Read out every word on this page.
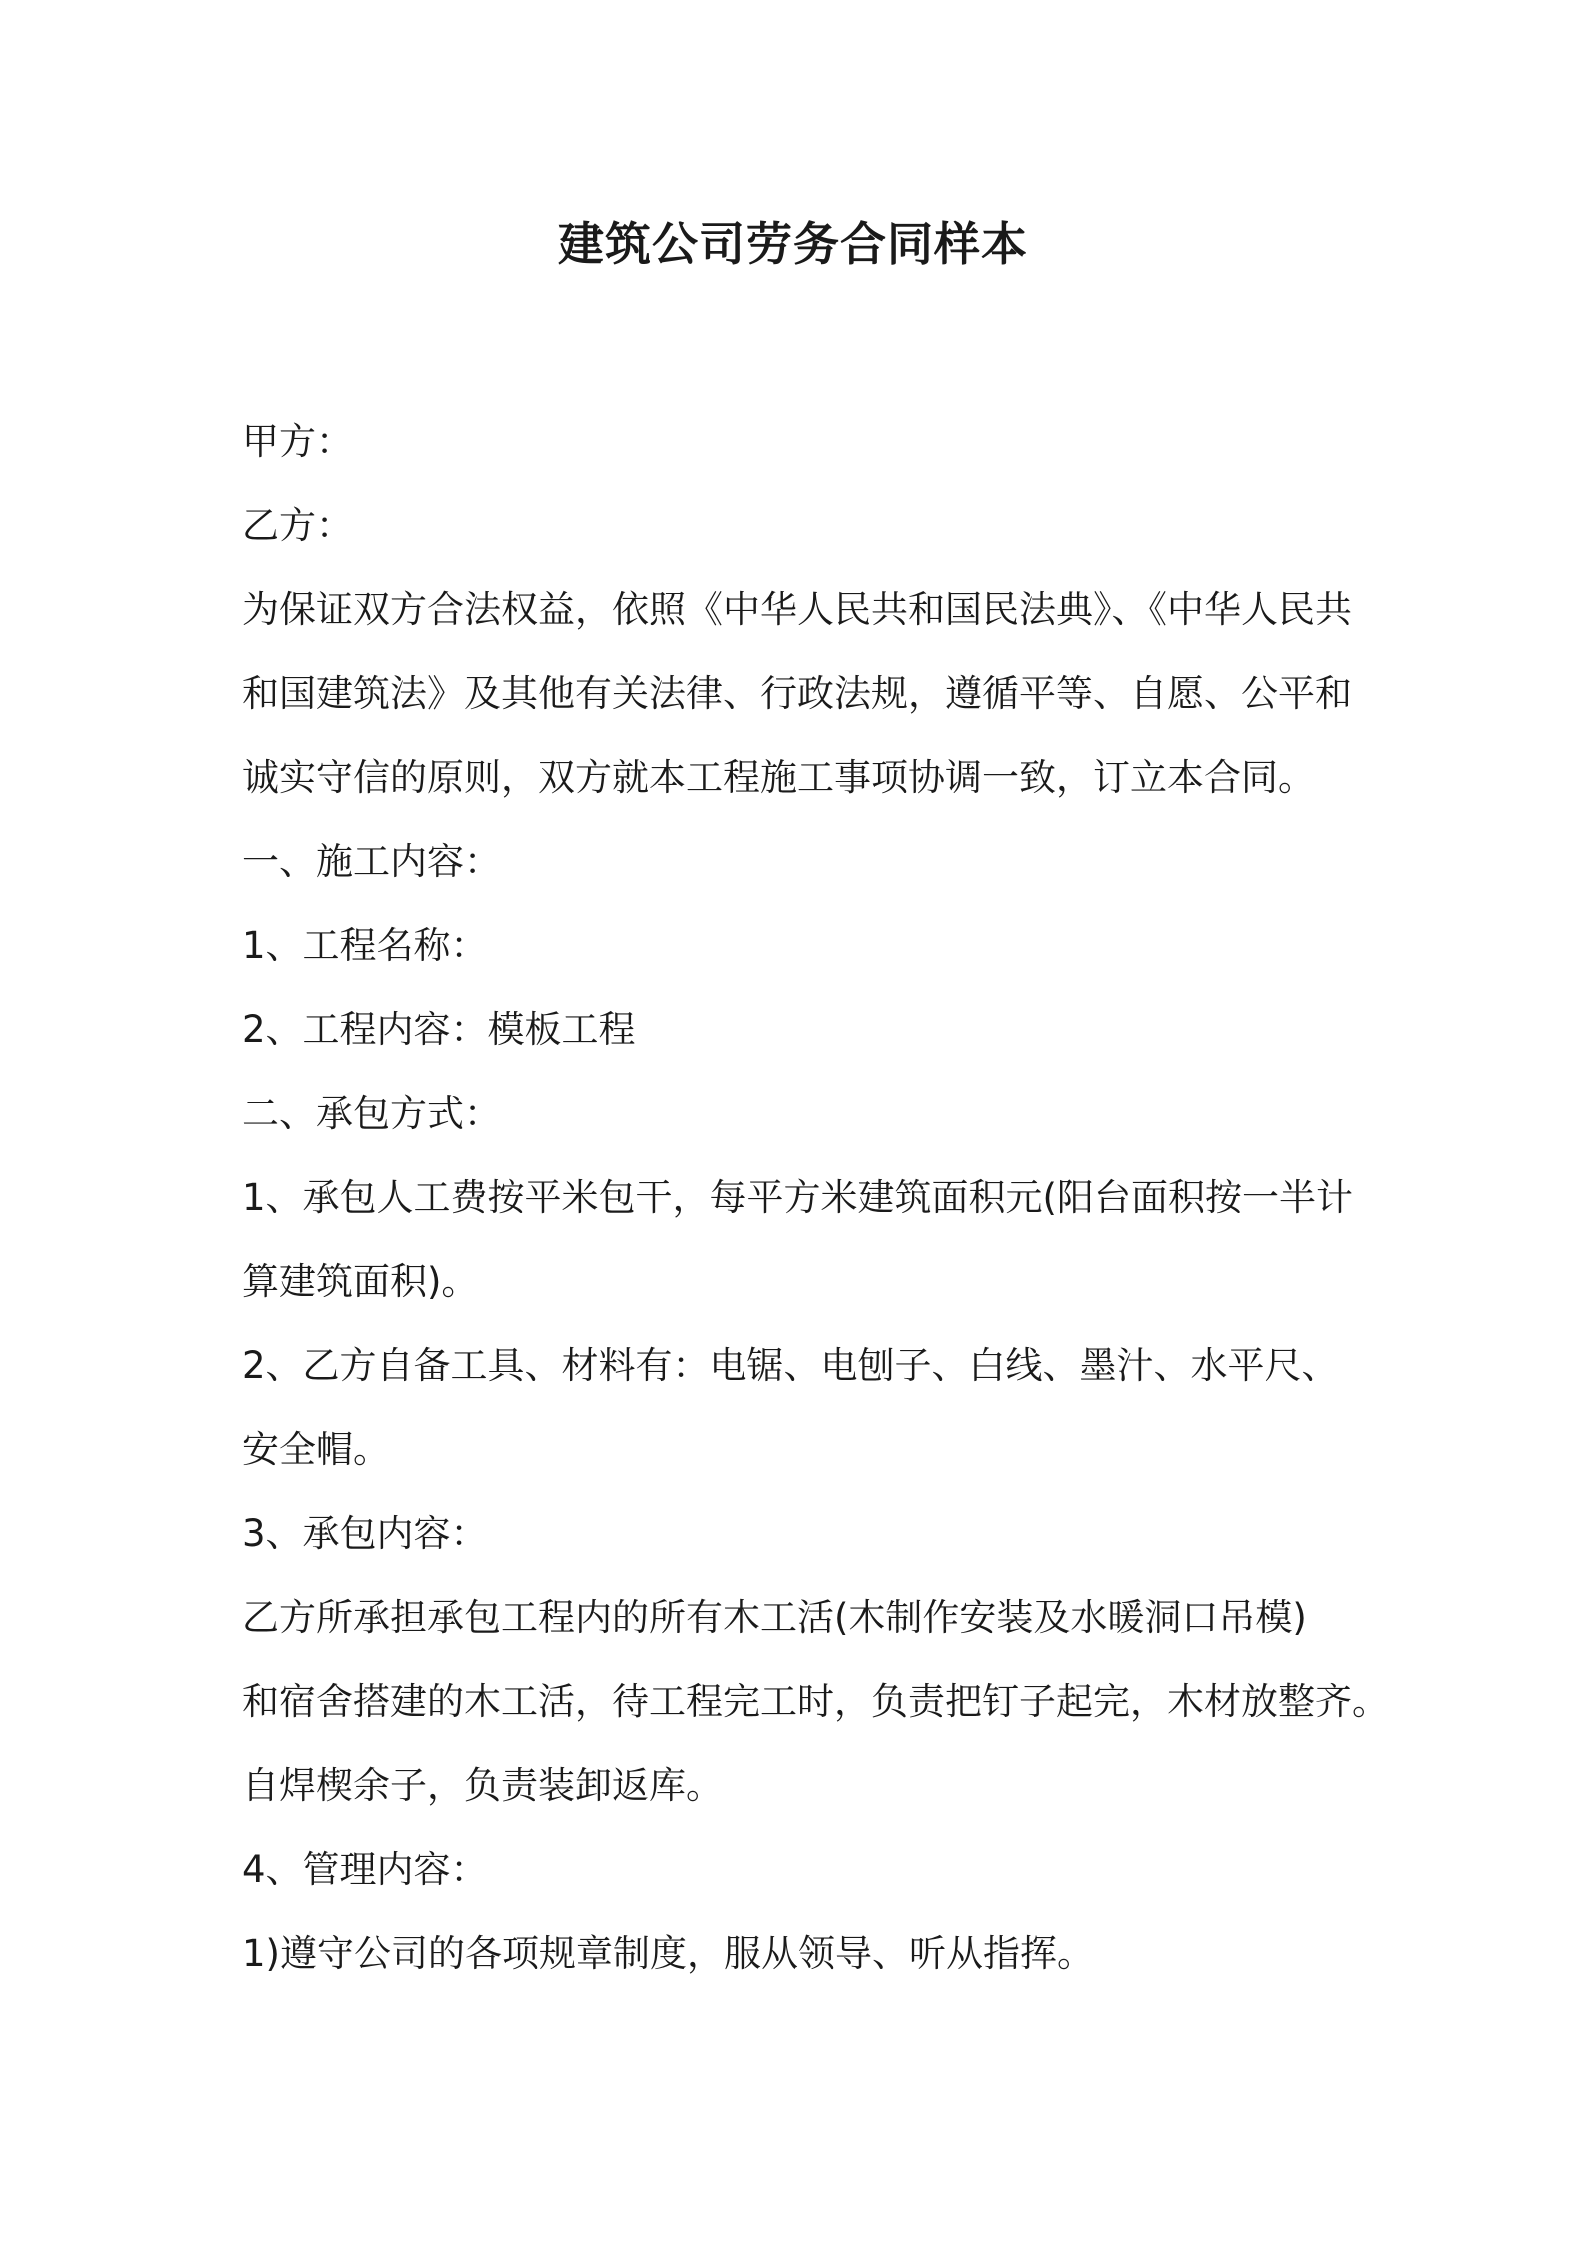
建筑公司劳务合同样本

甲方：

乙方：

为保证双方合法权益，依照《中华人民共和国民法典》、《中华人民共

和国建筑法》及其他有关法律、行政法规，遵循平等、自愿、公平和

诚实守信的原则，双方就本工程施工事项协调一致，订立本合同。

一、施工内容：

1、工程名称：

2、工程内容：模板工程

二、承包方式：

1、承包人工费按平米包干，每平方米建筑面积元(阳台面积按一半计

算建筑面积)。

2、乙方自备工具、材料有：电锯、电刨子、白线、墨汁、水平尺、

安全帽。

3、承包内容：

乙方所承担承包工程内的所有木工活(木制作安装及水暖洞口吊模)

和宿舍搭建的木工活，待工程完工时，负责把钉子起完，木材放整齐。

自焊楔余子，负责装卸返库。

4、管理内容：

1)遵守公司的各项规章制度，服从领导、听从指挥。
